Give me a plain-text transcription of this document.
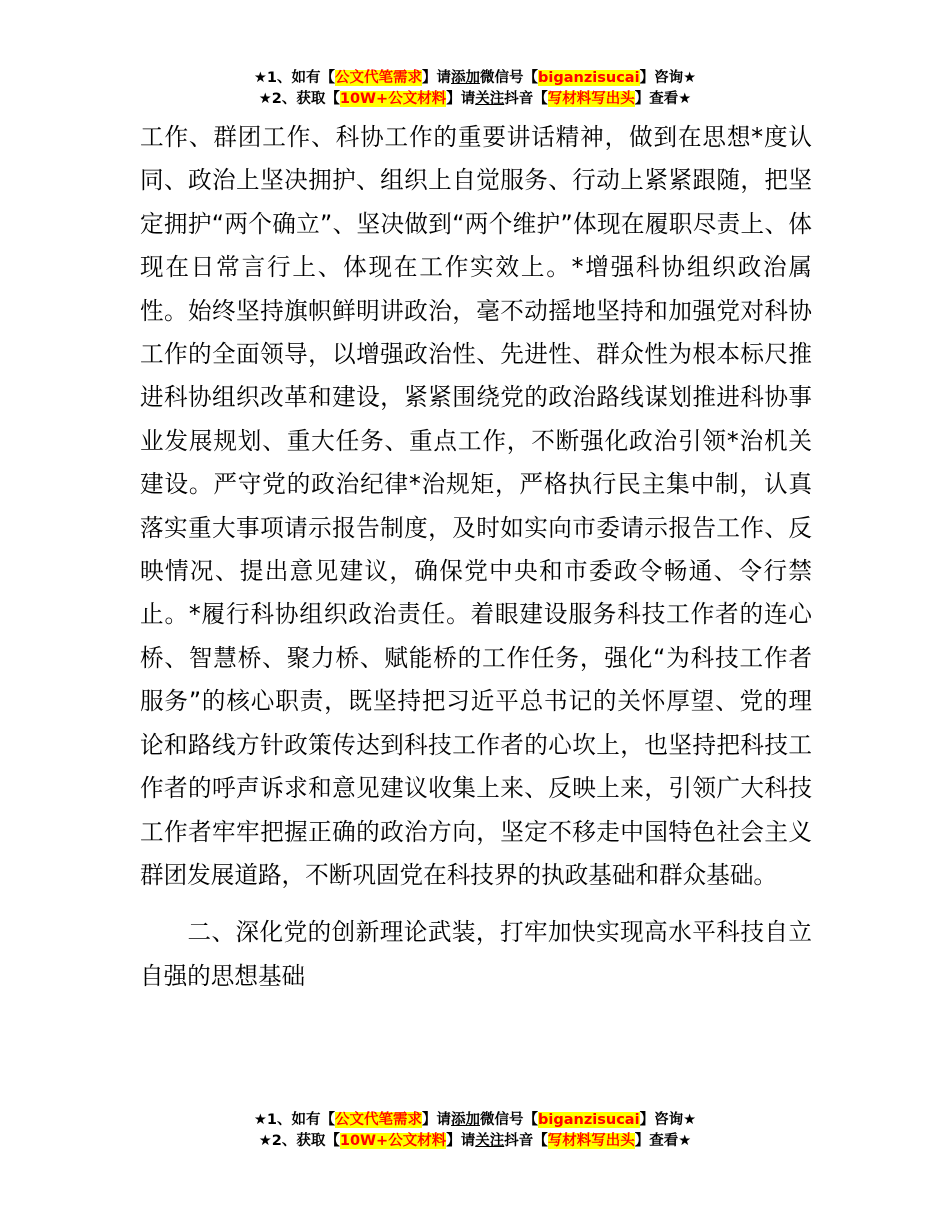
★1、如有【公文代笔需求】请添加微信号【biganzisucai】咨询★
★2、获取【10W+公文材料】请关注抖音【写材料写出头】查看★

工作、群团工作、科协工作的重要讲话精神，做到在思想*度认同、政治上坚决拥护、组织上自觉服务、行动上紧紧跟随，把坚定拥护“两个确立”、坚决做到“两个维护”体现在履职尽责上、体现在日常言行上、体现在工作实效上。*增强科协组织政治属性。始终坚持旗帜鲜明讲政治，毫不动摇地坚持和加强党对科协工作的全面领导，以增强政治性、先进性、群众性为根本标尺推进科协组织改革和建设，紧紧围绕党的政治路线谋划推进科协事业发展规划、重大任务、重点工作，不断强化政治引领*治机关建设。严守党的政治纪律*治规矩，严格执行民主集中制，认真落实重大事项请示报告制度，及时如实向市委请示报告工作、反映情况、提出意见建议，确保党中央和市委政令畅通、令行禁止。*履行科协组织政治责任。着眼建设服务科技工作者的连心桥、智慧桥、聚力桥、赋能桥的工作任务，强化“为科技工作者服务”的核心职责，既坚持把习近平总书记的关怀厚望、党的理论和路线方针政策传达到科技工作者的心坎上，也坚持把科技工作者的呼声诉求和意见建议收集上来、反映上来，引领广大科技工作者牢牢把握正确的政治方向，坚定不移走中国特色社会主义群团发展道路，不断巩固党在科技界的执政基础和群众基础。

二、深化党的创新理论武装，打牢加快实现高水平科技自立自强的思想基础

★1、如有【公文代笔需求】请添加微信号【biganzisucai】咨询★
★2、获取【10W+公文材料】请关注抖音【写材料写出头】查看★
